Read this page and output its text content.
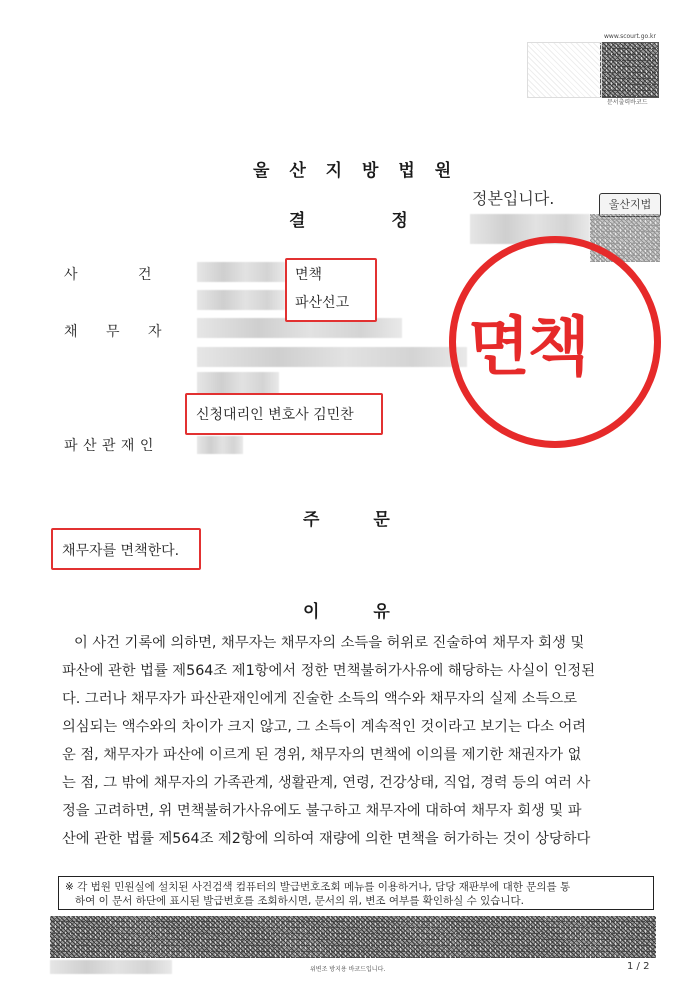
www.scourt.go.kr
문서출력바코드
울 산 지 방 법 원
결 정
정본입니다.	울산지법
사 건
채 무 자
파 산 관 재 인
면책
파산선고
신청대리인 변호사 김민찬
면책
주 문
채무자를 면책한다.
이 유
이 사건 기록에 의하면, 채무자는 채무자의 소득을 허위로 진술하여 채무자 회생 및
파산에 관한 법률 제564조 제1항에서 정한 면책불허가사유에 해당하는 사실이 인정된
다. 그러나 채무자가 파산관재인에게 진술한 소득의 액수와 채무자의 실제 소득으로
의심되는 액수와의 차이가 크지 않고, 그 소득이 계속적인 것이라고 보기는 다소 어려
운 점, 채무자가 파산에 이르게 된 경위, 채무자의 면책에 이의를 제기한 채권자가 없
는 점, 그 밖에 채무자의 가족관계, 생활관계, 연령, 건강상태, 직업, 경력 등의 여러 사
정을 고려하면, 위 면책불허가사유에도 불구하고 채무자에 대하여 채무자 회생 및 파
산에 관한 법률 제564조 제2항에 의하여 재량에 의한 면책을 허가하는 것이 상당하다
※ 각 법원 민원실에 설치된 사건검색 컴퓨터의 발급번호조회 메뉴를 이용하거나, 담당 재판부에 대한 문의를 통
하여 이 문서 하단에 표시된 발급번호를 조회하시면, 문서의 위, 변조 여부를 확인하실 수 있습니다.
위변조 방지용 바코드입니다.	1 / 2
